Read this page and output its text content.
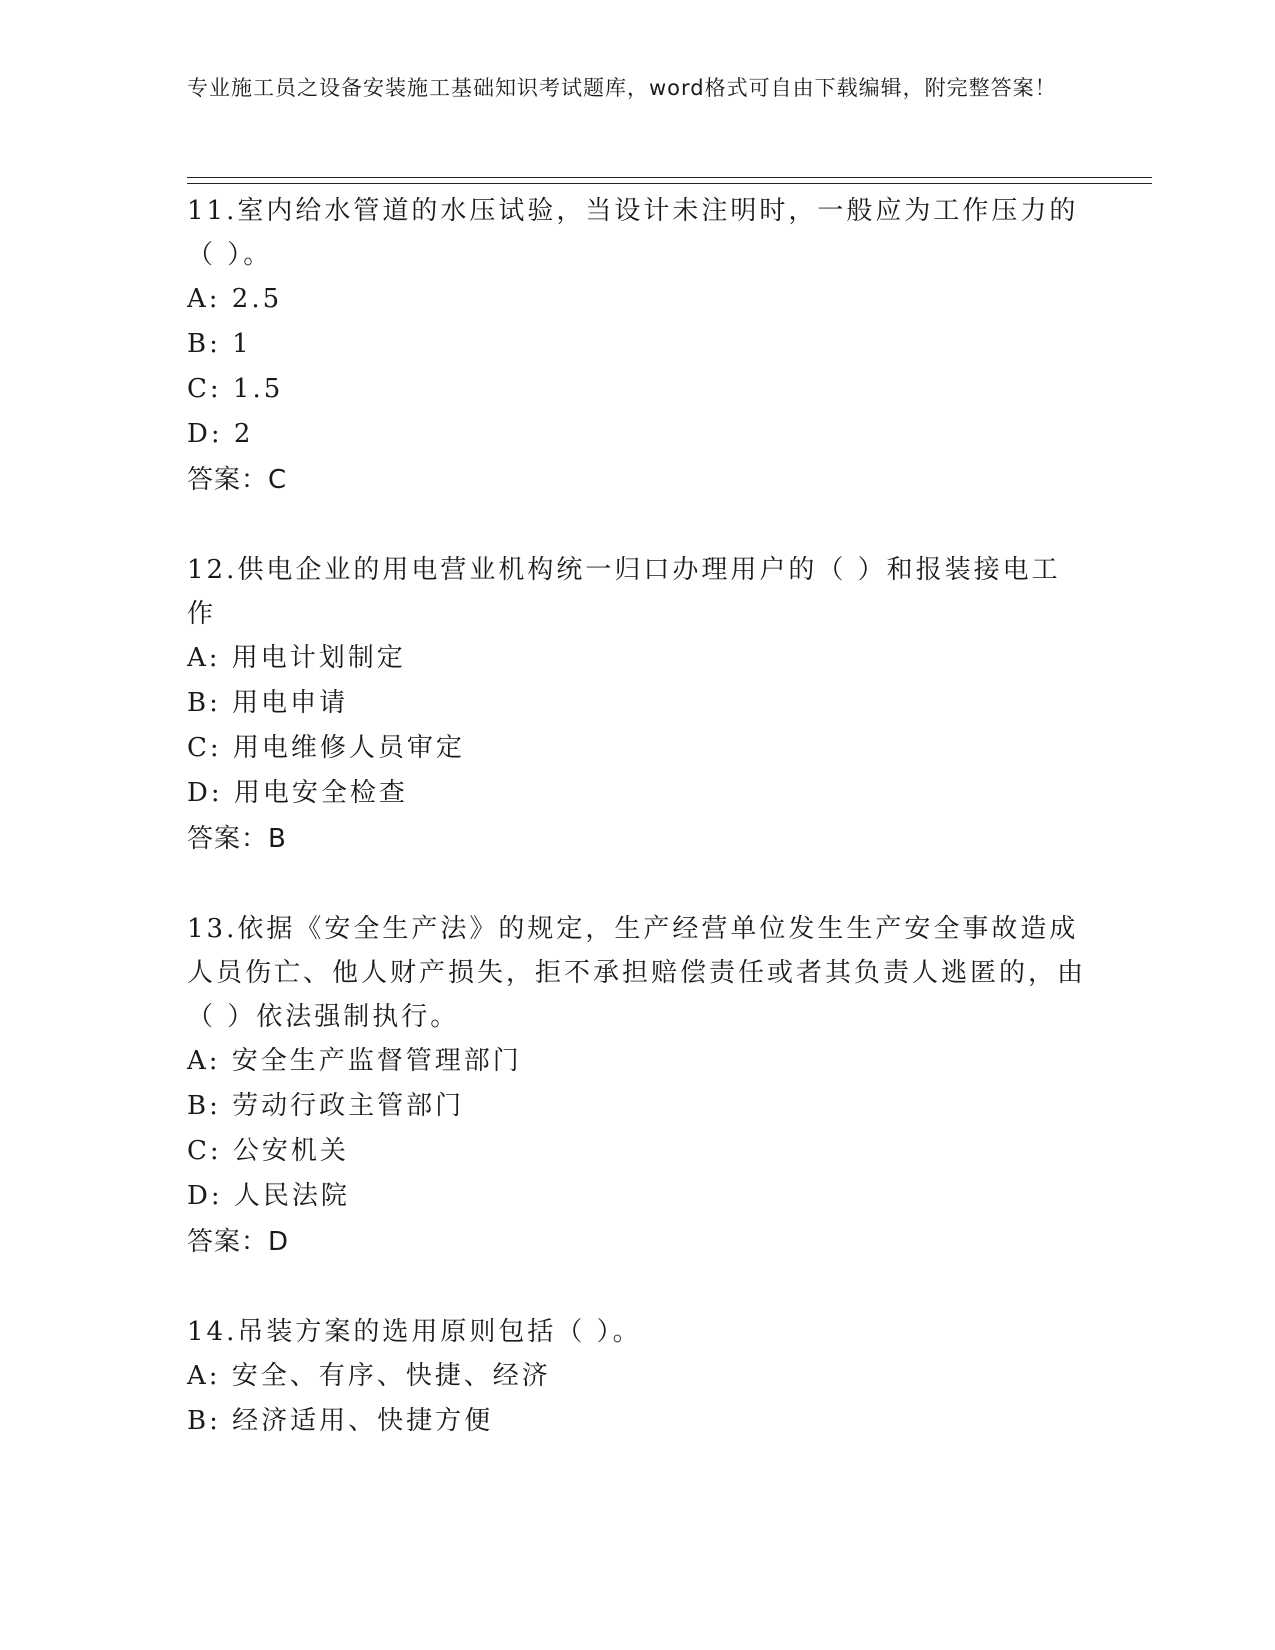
专业施工员之设备安装施工基础知识考试题库，word格式可自由下载编辑，附完整答案！

11.室内给水管道的水压试验，当设计未注明时，一般应为工作压力的（ ）。

A: 2.5

B: 1

C: 1.5

D: 2

答案：C

12.供电企业的用电营业机构统一归口办理用户的（ ）和报装接电工作

A: 用电计划制定

B: 用电申请

C: 用电维修人员审定

D: 用电安全检查

答案：B

13.依据《安全生产法》的规定，生产经营单位发生生产安全事故造成人员伤亡、他人财产损失，拒不承担赔偿责任或者其负责人逃匿的，由（ ）依法强制执行。

A: 安全生产监督管理部门

B: 劳动行政主管部门

C: 公安机关

D: 人民法院

答案：D

14.吊装方案的选用原则包括（ ）。

A: 安全、有序、快捷、经济

B: 经济适用、快捷方便
